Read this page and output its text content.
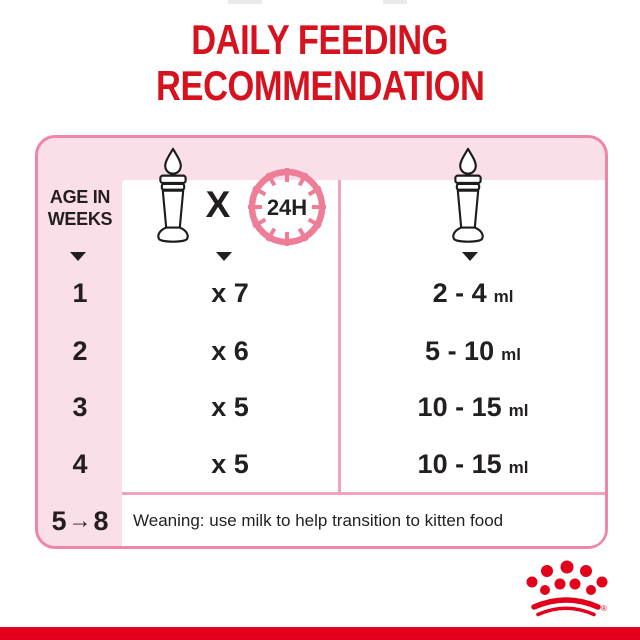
DAILY FEEDING
RECOMMENDATION
AGE IN
WEEKS	X	24H
1	x 7	2 - 4 ml
2	x 6	5 - 10 ml
3	x 5	10 - 15 ml
4	x 5	10 - 15 ml
5→8	Weaning: use milk to help transition to kitten food
®
